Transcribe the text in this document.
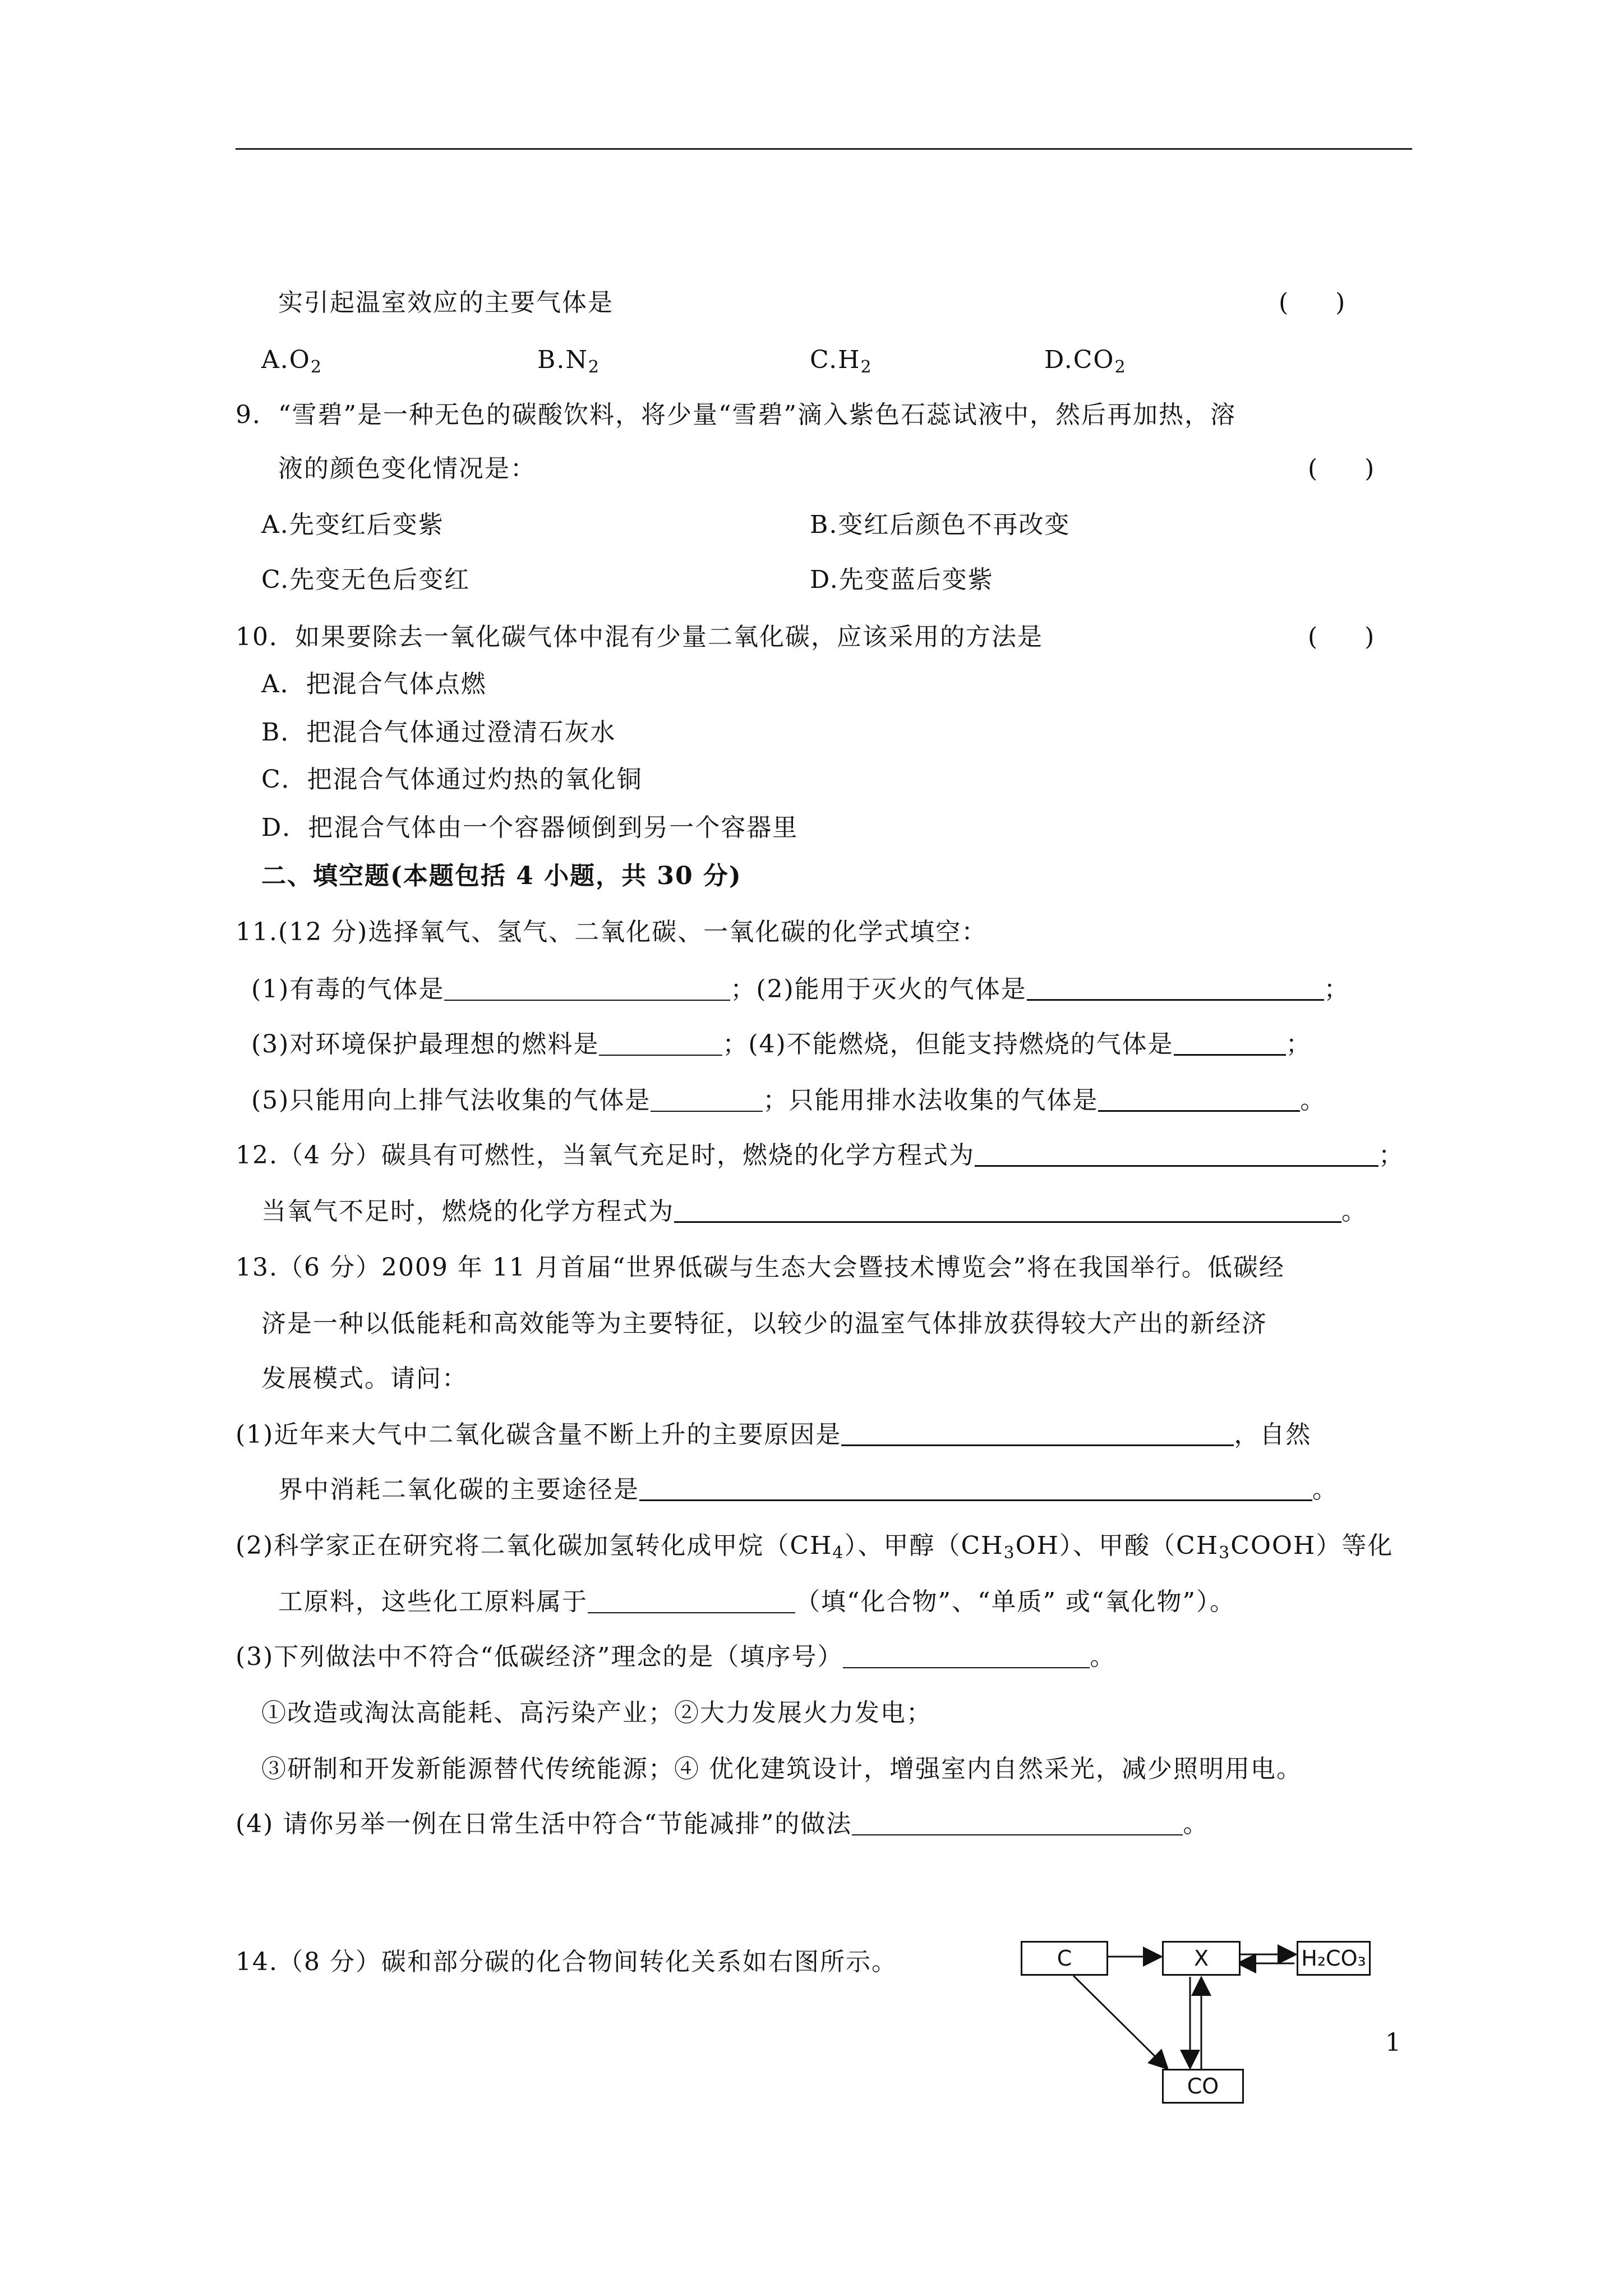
实引起温室效应的主要气体是	(      )
$A.O_2$	$B.N_2$	$C.H_2$	$D.CO_2$
9．“雪碧”是一种无色的碳酸饮料，将少量“雪碧”滴入紫色石蕊试液中，然后再加热，溶
液的颜色变化情况是：	(      )
A.先变红后变紫	B.变红后颜色不再改变
C.先变无色后变红	D.先变蓝后变紫
10．如果要除去一氧化碳气体中混有少量二氧化碳，应该采用的方法是	(      )
A．把混合气体点燃
B．把混合气体通过澄清石灰水
C．把混合气体通过灼热的氧化铜
D．把混合气体由一个容器倾倒到另一个容器里
二、填空题(本题包括 4 小题，共 30 分)
11.(12 分)选择氧气、氢气、二氧化碳、一氧化碳的化学式填空：
(1)有毒的气体是	；(2)能用于灭火的气体是	；
(3)对环境保护最理想的燃料是	；(4)不能燃烧，但能支持燃烧的气体是	；
(5)只能用向上排气法收集的气体是	；只能用排水法收集的气体是	。
12.（4 分）碳具有可燃性，当氧气充足时，燃烧的化学方程式为	；
当氧气不足时，燃烧的化学方程式为	。
13.（6 分）2009 年 11 月首届“世界低碳与生态大会暨技术博览会”将在我国举行。低碳经
济是一种以低能耗和高效能等为主要特征，以较少的温室气体排放获得较大产出的新经济
发展模式。请问：
(1)近年来大气中二氧化碳含量不断上升的主要原因是	，自然
界中消耗二氧化碳的主要途径是	。
(2)科学家正在研究将二氧化碳加氢转化成甲烷$(CH_4)$、甲醇$(CH_3OH)$、甲酸$(CH_3COOH)$等化
工原料，这些化工原料属于	（填“化合物”、“单质” 或“氧化物”）。
(3)下列做法中不符合“低碳经济”理念的是（填序号）	。
①改造或淘汰高能耗、高污染产业；②大力发展火力发电；
③研制和开发新能源替代传统能源；④ 优化建筑设计，增强室内自然采光，减少照明用电。
(4) 请你另举一例在日常生活中符合“节能减排”的做法	。
14.（8 分）碳和部分碳的化合物间转化关系如右图所示。	C	X	H₂CO₃
CO
1
